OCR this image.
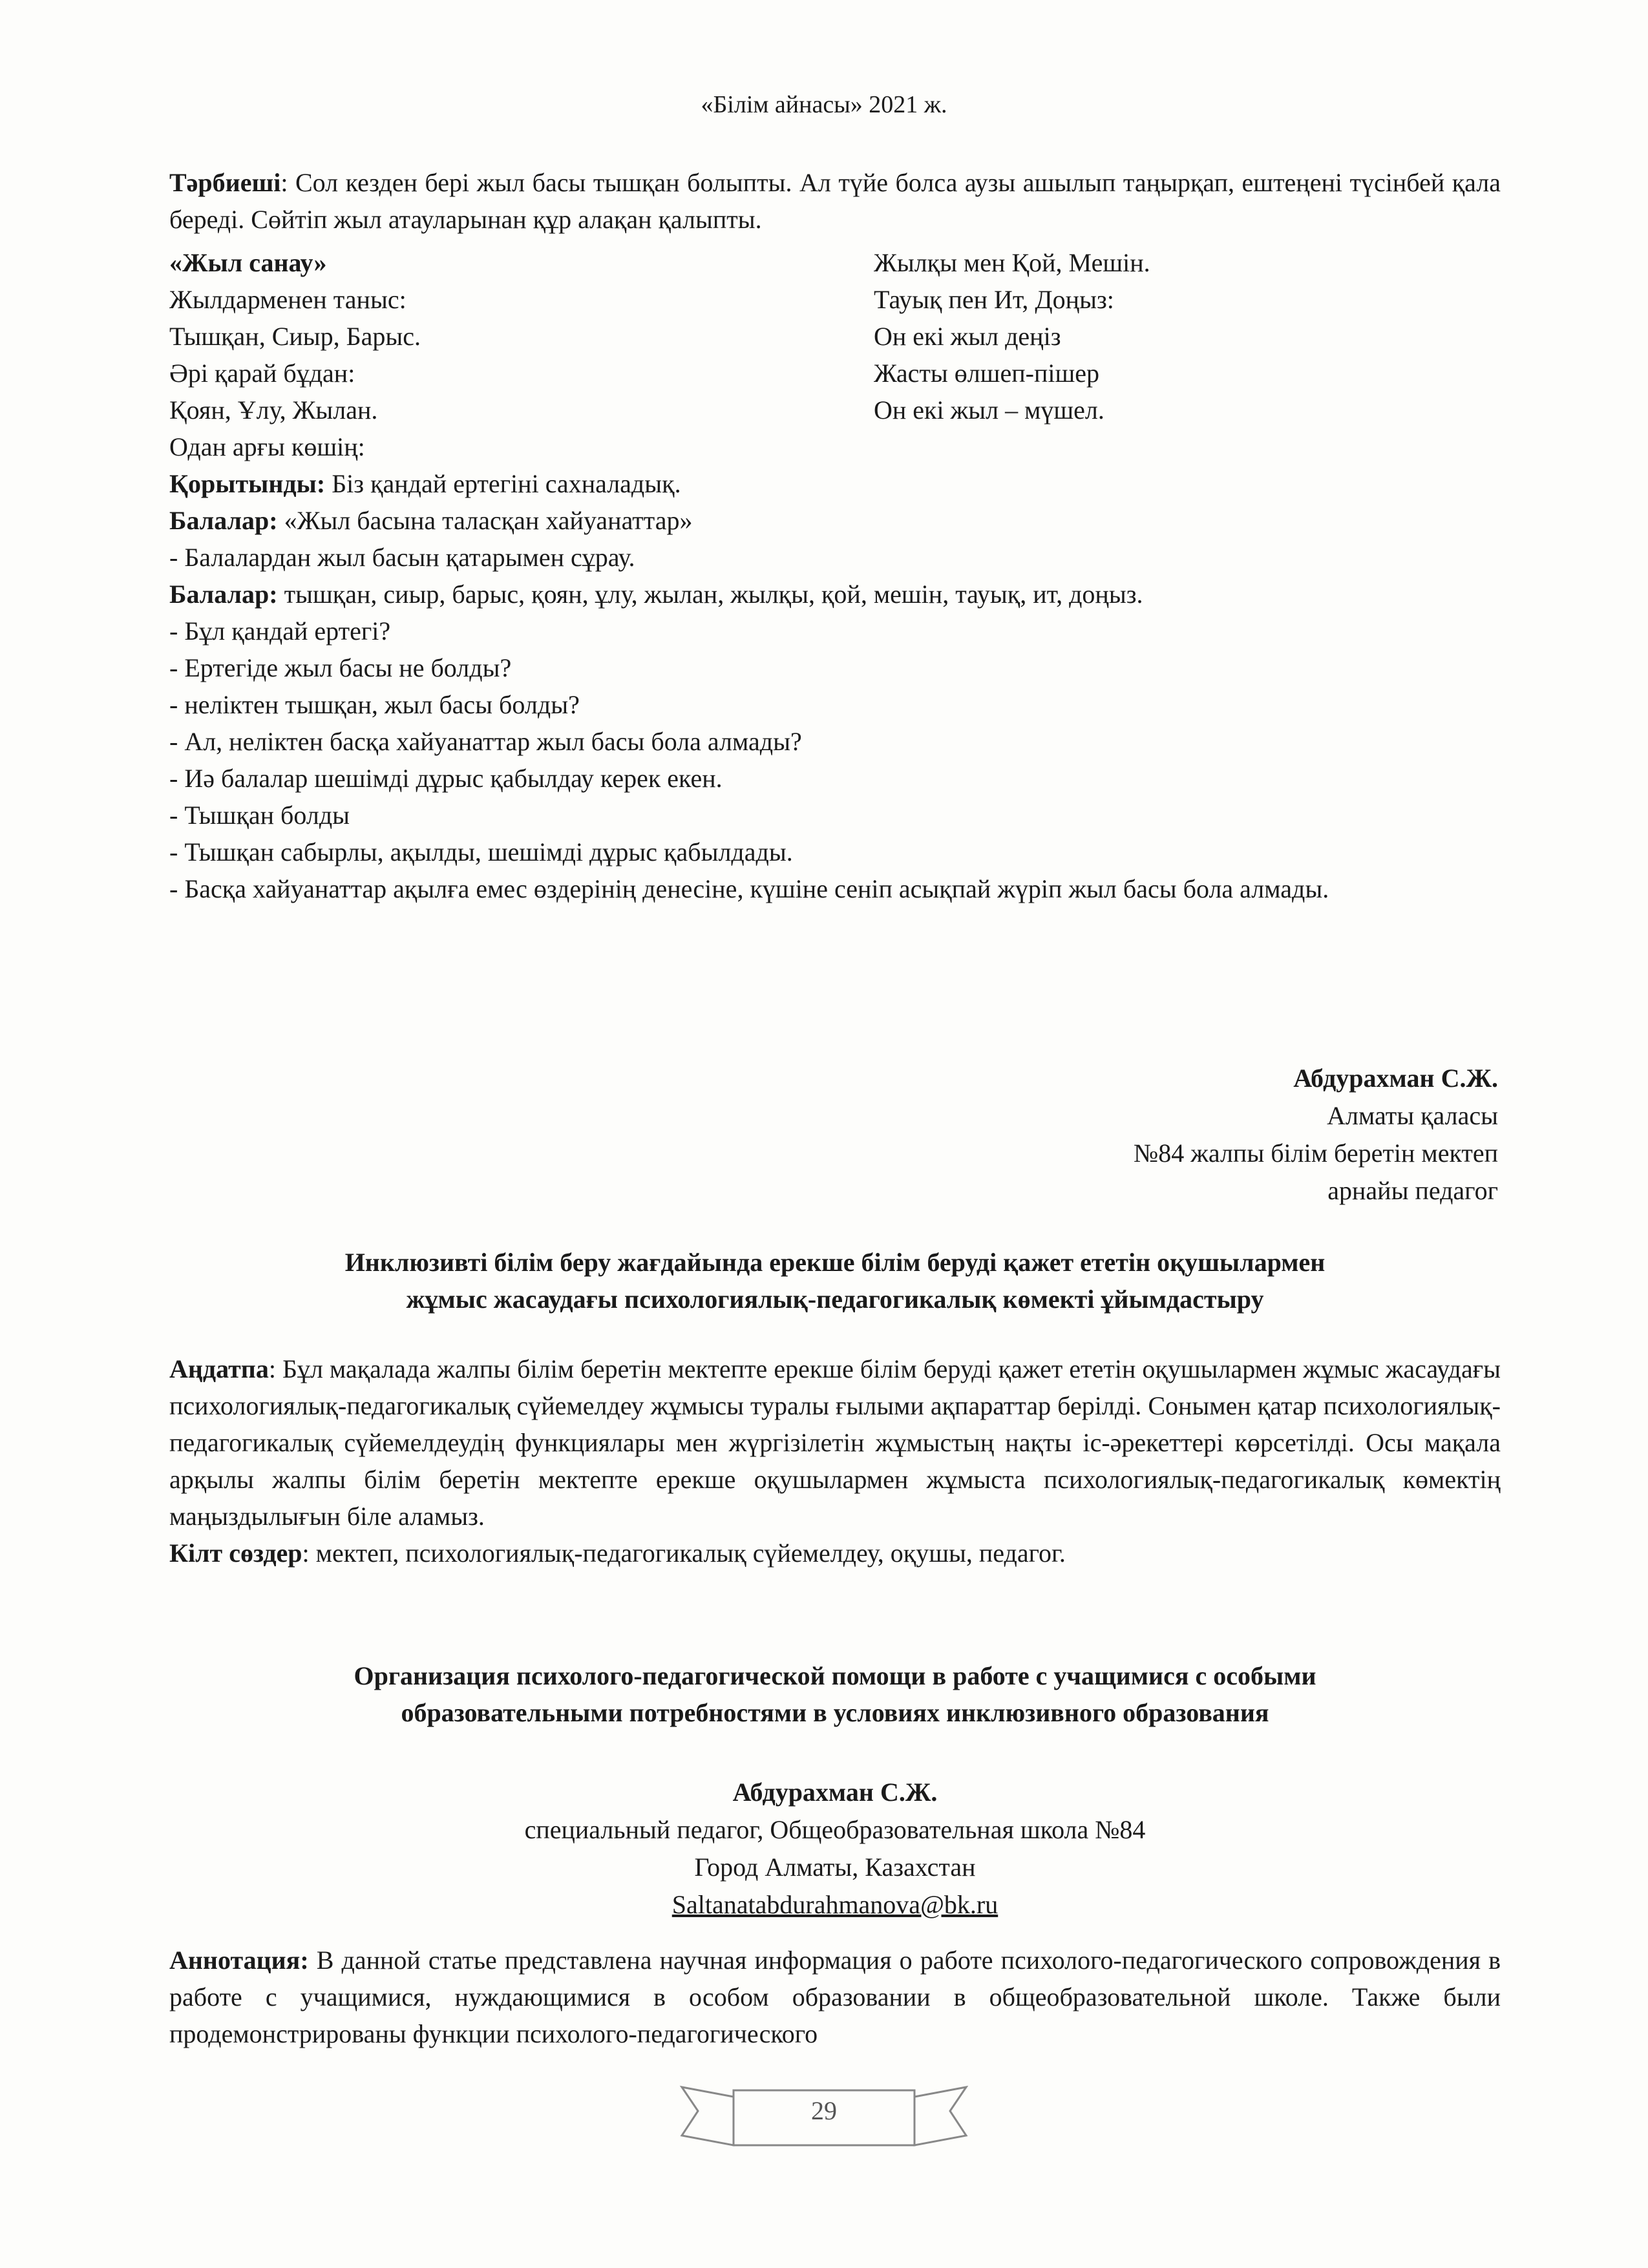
«Білім айнасы» 2021 ж.

Тәрбиеші: Сол кезден бері жыл басы тышқан болыпты. Ал түйе болса аузы ашылып таңырқап, ештеңені түсінбей қала береді. Сөйтіп жыл атауларынан құр алақан қалыпты.

«Жыл санау»
Жылдарменен таныс:
Тышқан, Сиыр, Барыс.
Әрі қарай бұдан:
Қоян, Ұлу, Жылан.
Одан арғы көшің:
Жылқы мен Қой, Мешін.
Тауық пен Ит, Доңыз:
Он екі жыл деңіз
Жасты өлшеп-пішер
Он екі жыл – мүшел.
Қорытынды: Біз қандай ертегіні сахналадық.
Балалар: «Жыл басына таласқан хайуанаттар»
- Балалардан жыл басын қатарымен сұрау.
Балалар: тышқан, сиыр, барыс, қоян, ұлу, жылан, жылқы, қой, мешін, тауық, ит, доңыз.
- Бұл қандай ертегі?
- Ертегіде жыл басы не болды?
- неліктен тышқан, жыл басы болды?
- Ал, неліктен басқа хайуанаттар жыл басы бола алмады?
- Иә балалар шешімді дұрыс қабылдау керек екен.
- Тышқан болды
- Тышқан сабырлы, ақылды, шешімді дұрыс қабылдады.
- Басқа хайуанаттар ақылға емес өздерінің денесіне, күшіне сеніп асықпай жүріп жыл басы бола алмады.
Абдурахман С.Ж.
Алматы қаласы
№84 жалпы білім беретін мектеп
арнайы педагог
Инклюзивті білім беру жағдайында ерекше білім беруді қажет ететін оқушылармен
жұмыс жасаудағы психологиялық-педагогикалық көмекті ұйымдастыру

Аңдатпа: Бұл мақалада жалпы білім беретін мектепте ерекше білім беруді қажет ететін оқушылармен жұмыс жасаудағы психологиялық-педагогикалық сүйемелдеу жұмысы туралы ғылыми ақпараттар берілді. Сонымен қатар психологиялық-педагогикалық сүйемелдеудің функциялары мен жүргізілетін жұмыстың нақты іс-әрекеттері көрсетілді. Осы мақала арқылы жалпы білім беретін мектепте ерекше оқушылармен жұмыста психологиялық-педагогикалық көмектің маңыздылығын біле аламыз.

Кілт сөздер: мектеп, психологиялық-педагогикалық сүйемелдеу, оқушы, педагог.

Организация психолого-педагогической помощи в работе с учащимися с особыми
образовательными потребностями в условиях инклюзивного образования
Абдурахман С.Ж.
специальный педагог, Общеобразовательная школа №84
Город Алматы, Казахстан
Saltanatabdurahmanova@bk.ru

Аннотация: В данной статье представлена научная информация о работе психолого-педагогического сопровождения в работе с учащимися, нуждающимися в особом образовании в общеобразовательной школе. Также были продемонстрированы функции психолого-педагогического

29
